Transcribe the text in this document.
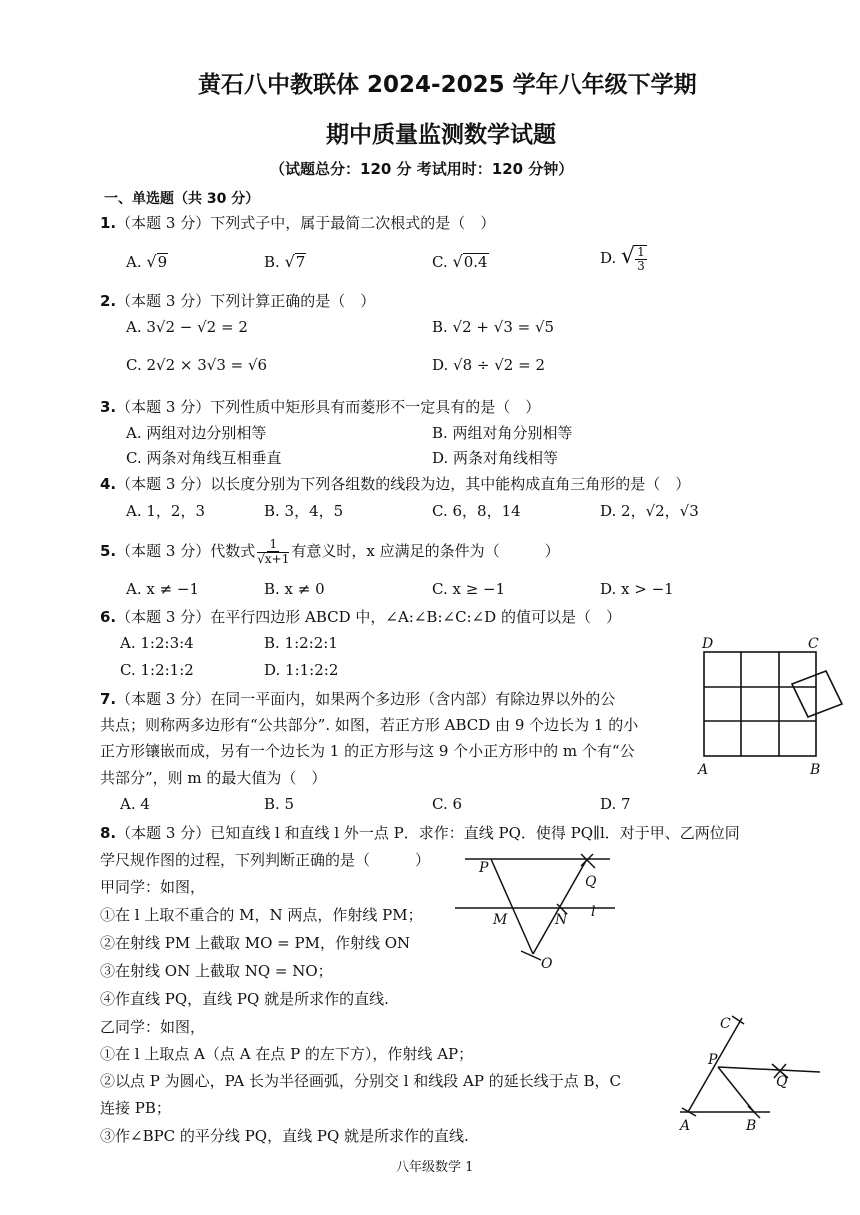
黄石八中教联体 2024-2025 学年八年级下学期
期中质量监测数学试题
（试题总分：120 分 考试用时：120 分钟）
一、单选题（共 30 分）
1.（本题 3 分）下列式子中，属于最简二次根式的是（　）
A. √9	B. √7	C. √0.4	D. √ $\frac{1}{3}$
2.（本题 3 分）下列计算正确的是（　）
A. 3√2 − √2 = 2	B. √2 + √3 = √5
C. 2√2 × 3√3 = √6	D. √8 ÷ √2 = 2
3.（本题 3 分）下列性质中矩形具有而菱形不一定具有的是（　）
A. 两组对边分别相等	B. 两组对角分别相等
C. 两条对角线互相垂直	D. 两条对角线相等
4.（本题 3 分）以长度分别为下列各组数的线段为边，其中能构成直角三角形的是（　）
A. 1，2，3	B. 3，4，5	C. 6，8，14	D. 2，√2，√3
5.（本题 3 分）代数式 $\frac{1}{√x+1}$ 有意义时，x 应满足的条件为（　　　）
A. x ≠ −1	B. x ≠ 0	C. x ≥ −1	D. x > −1
6.（本题 3 分）在平行四边形 ABCD 中，∠A:∠B:∠C:∠D 的值可以是（　）
A. 1:2:3:4	B. 1:2:2:1
C. 1:2:1:2	D. 1:1:2:2
7.（本题 3 分）在同一平面内，如果两个多边形（含内部）有除边界以外的公
共点；则称两多边形有“公共部分”. 如图，若正方形 ABCD 由 9 个边长为 1 的小
正方形镶嵌而成，另有一个边长为 1 的正方形与这 9 个小正方形中的 m 个有“公
共部分”，则 m 的最大值为（　）
A. 4	B. 5	C. 6	D. 7
D	C
A	B
8.（本题 3 分）已知直线 l 和直线 l 外一点 P．求作：直线 PQ．使得 PQ∥l．对于甲、乙两位同
学尺规作图的过程，下列判断正确的是（　　　）
甲同学：如图，
①在 l 上取不重合的 M，N 两点，作射线 PM；
②在射线 PM 上截取 MO = PM，作射线 ON
③在射线 ON 上截取 NQ = NO；
④作直线 PQ，直线 PQ 就是所求作的直线.
乙同学：如图，
①在 l 上取点 A（点 A 在点 P 的左下方），作射线 AP；
②以点 P 为圆心，PA 长为半径画弧，分别交 l 和线段 AP 的延长线于点 B，C
连接 PB；
③作∠BPC 的平分线 PQ，直线 PQ 就是所求作的直线.
P
Q
M	N l
O
C
P
Q
A	B
八年级数学 1
